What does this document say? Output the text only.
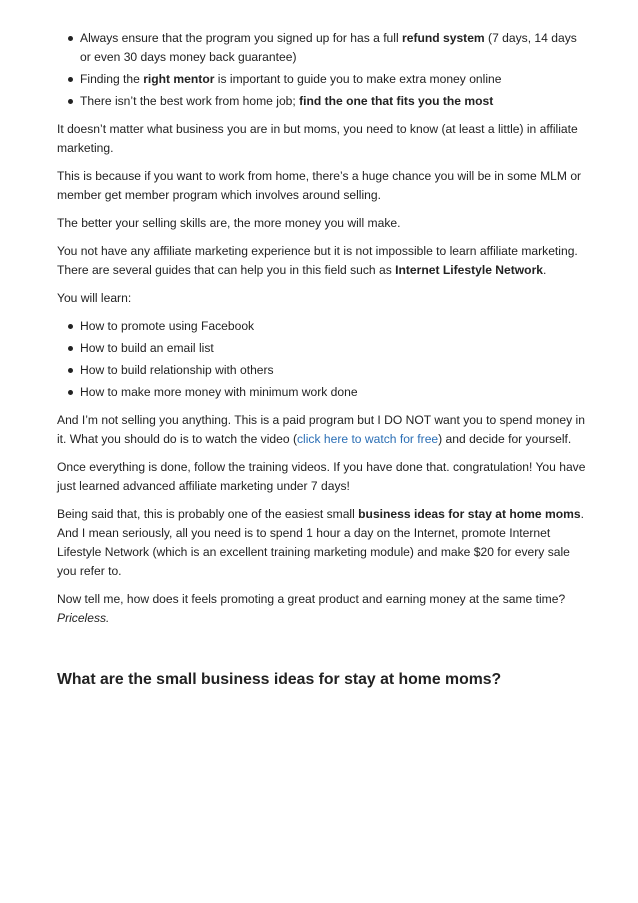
Always ensure that the program you signed up for has a full refund system (7 days, 14 days or even 30 days money back guarantee)
Finding the right mentor is important to guide you to make extra money online
There isn’t the best work from home job; find the one that fits you the most

It doesn’t matter what business you are in but moms, you need to know (at least a little) in affiliate marketing.

This is because if you want to work from home, there’s a huge chance you will be in some MLM or member get member program which involves around selling.

The better your selling skills are, the more money you will make.

You not have any affiliate marketing experience but it is not impossible to learn affiliate marketing. There are several guides that can help you in this field such as Internet Lifestyle Network.

You will learn:

How to promote using Facebook
How to build an email list
How to build relationship with others
How to make more money with minimum work done

And I’m not selling you anything. This is a paid program but I DO NOT want you to spend money in it. What you should do is to watch the video (click here to watch for free) and decide for yourself.

Once everything is done, follow the training videos. If you have done that. congratulation! You have just learned advanced affiliate marketing under 7 days!

Being said that, this is probably one of the easiest small business ideas for stay at home moms. And I mean seriously, all you need is to spend 1 hour a day on the Internet, promote Internet Lifestyle Network (which is an excellent training marketing module) and make $20 for every sale you refer to.

Now tell me, how does it feels promoting a great product and earning money at the same time?
Priceless.

What are the small business ideas for stay at home moms?
